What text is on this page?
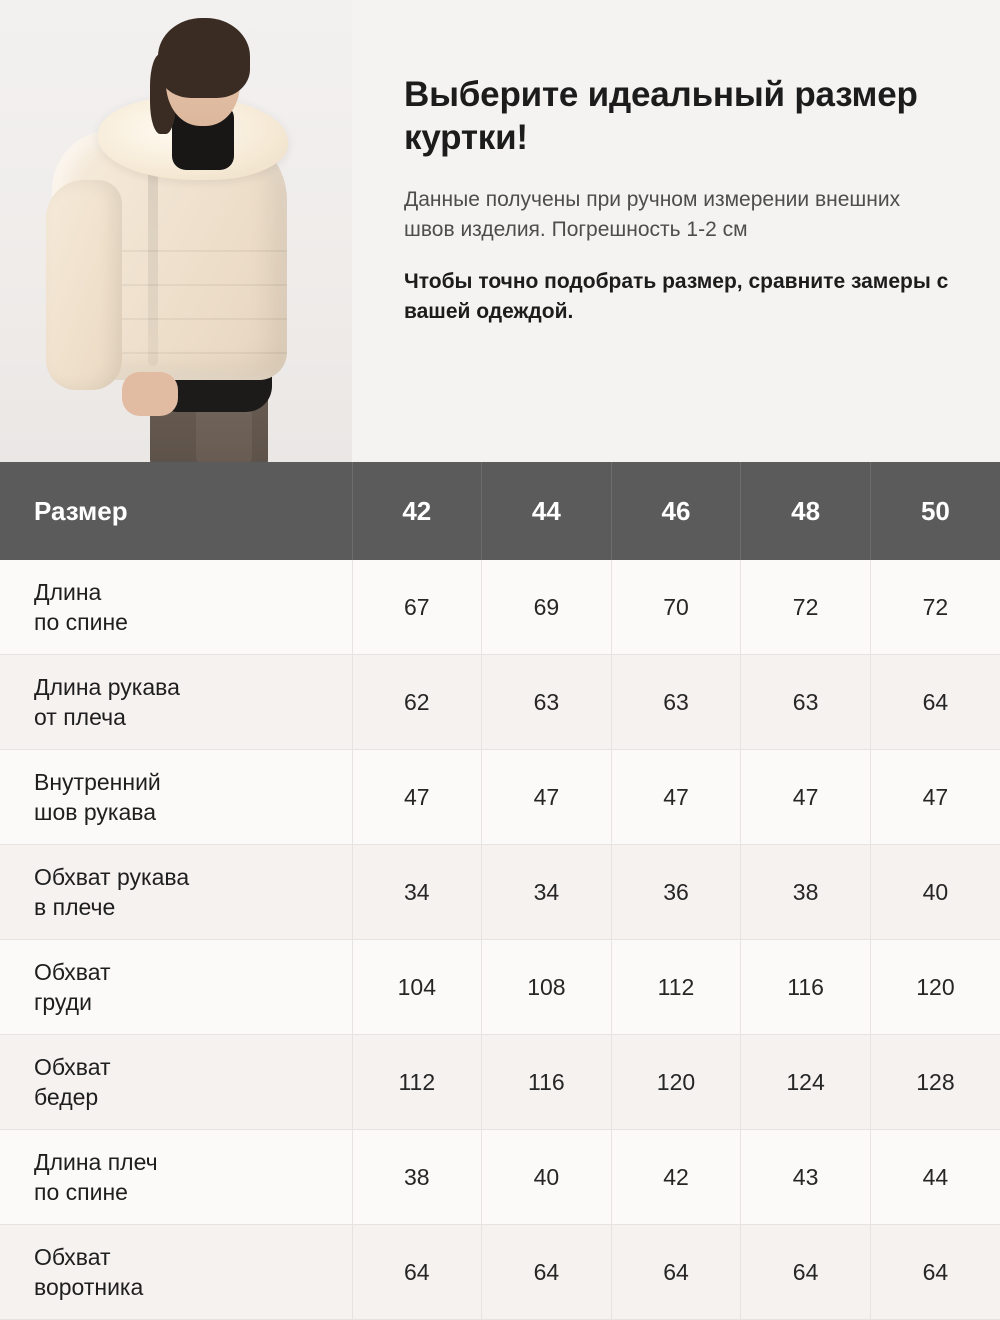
Выберите идеальный размер куртки!

Данные получены при ручном измерении внешних швов изделия. Погрешность 1-2 см

Чтобы точно подобрать размер, сравните замеры с вашей одеждой.

Размер	42	44	46	48	50

Длина
по спине	67	69	70	72	72

Длина рукава
от плеча	62	63	63	63	64

Внутренний
шов рукава	47	47	47	47	47

Обхват рукава
в плече	34	34	36	38	40

Обхват
груди	104	108	112	116	120

Обхват
бедер	112	116	120	124	128

Длина плеч
по спине	38	40	42	43	44

Обхват
воротника	64	64	64	64	64
